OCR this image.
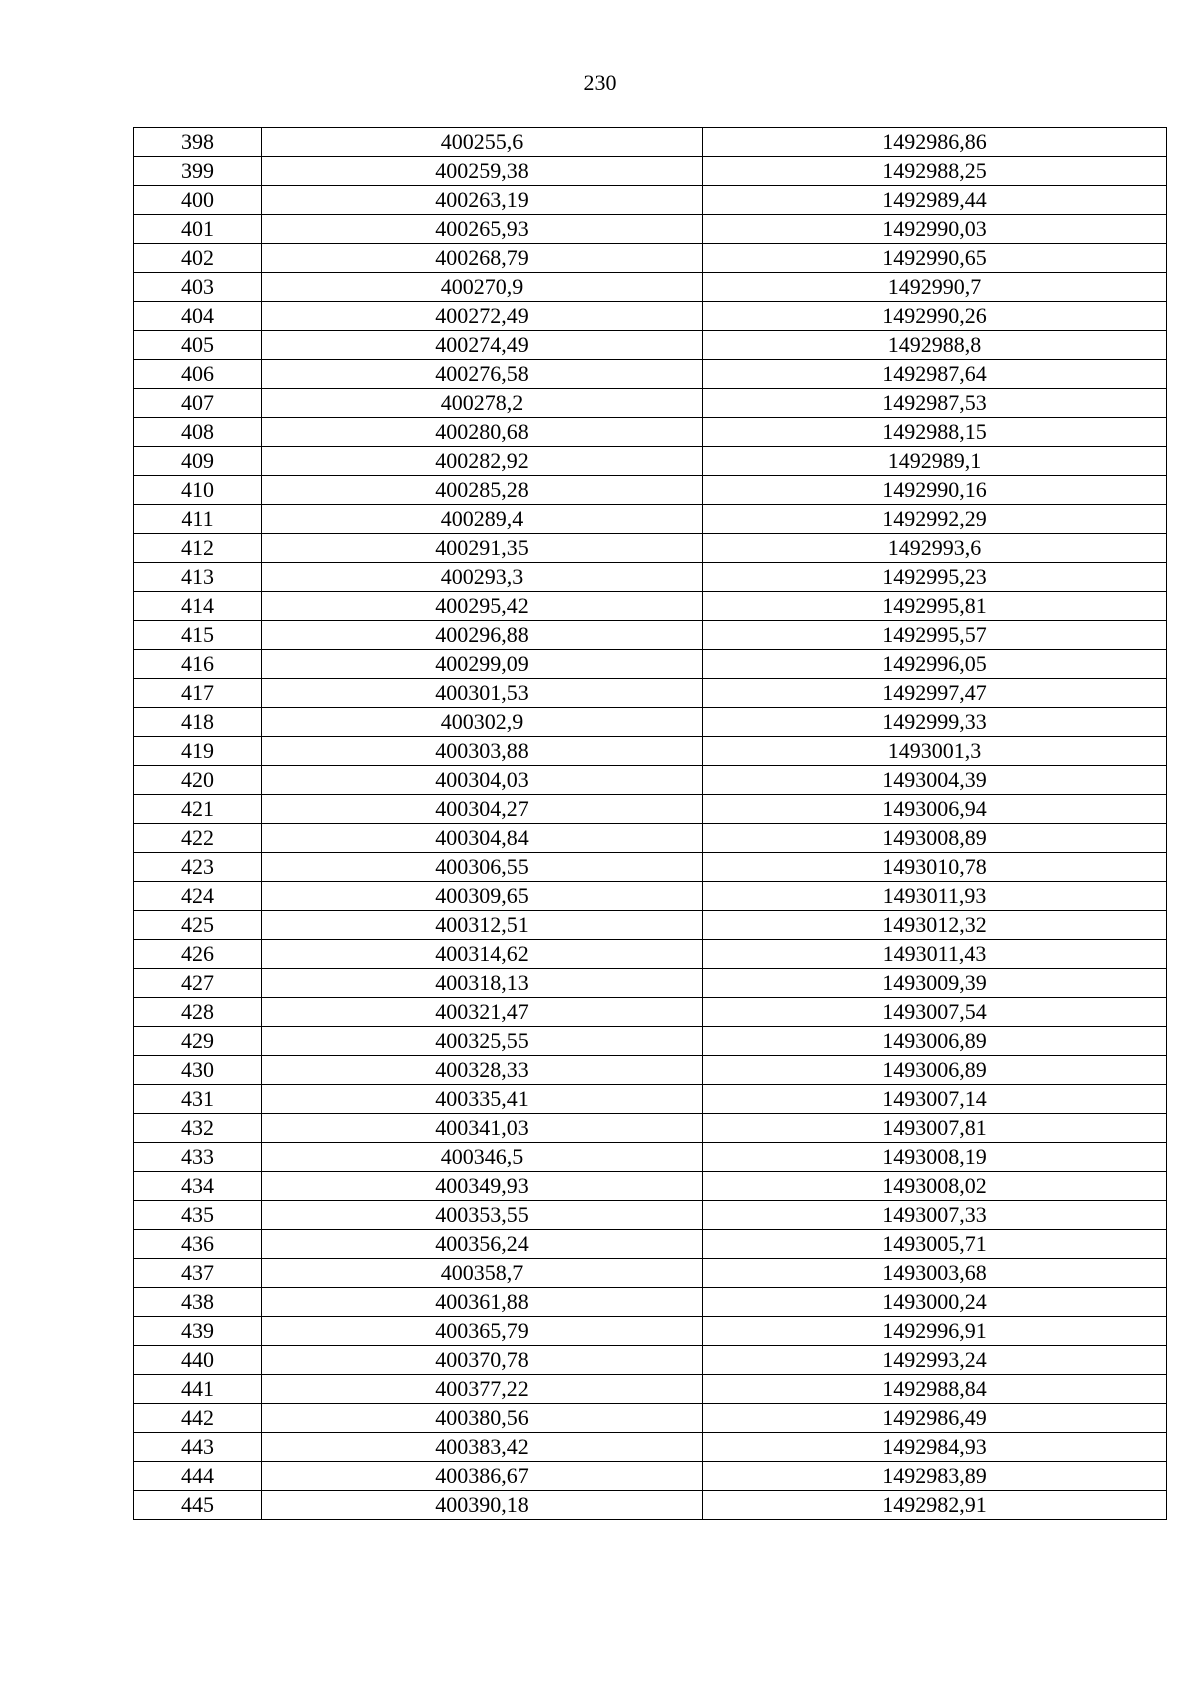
230
398	400255,6	1492986,86
399	400259,38	1492988,25
400	400263,19	1492989,44
401	400265,93	1492990,03
402	400268,79	1492990,65
403	400270,9	1492990,7
404	400272,49	1492990,26
405	400274,49	1492988,8
406	400276,58	1492987,64
407	400278,2	1492987,53
408	400280,68	1492988,15
409	400282,92	1492989,1
410	400285,28	1492990,16
411	400289,4	1492992,29
412	400291,35	1492993,6
413	400293,3	1492995,23
414	400295,42	1492995,81
415	400296,88	1492995,57
416	400299,09	1492996,05
417	400301,53	1492997,47
418	400302,9	1492999,33
419	400303,88	1493001,3
420	400304,03	1493004,39
421	400304,27	1493006,94
422	400304,84	1493008,89
423	400306,55	1493010,78
424	400309,65	1493011,93
425	400312,51	1493012,32
426	400314,62	1493011,43
427	400318,13	1493009,39
428	400321,47	1493007,54
429	400325,55	1493006,89
430	400328,33	1493006,89
431	400335,41	1493007,14
432	400341,03	1493007,81
433	400346,5	1493008,19
434	400349,93	1493008,02
435	400353,55	1493007,33
436	400356,24	1493005,71
437	400358,7	1493003,68
438	400361,88	1493000,24
439	400365,79	1492996,91
440	400370,78	1492993,24
441	400377,22	1492988,84
442	400380,56	1492986,49
443	400383,42	1492984,93
444	400386,67	1492983,89
445	400390,18	1492982,91
